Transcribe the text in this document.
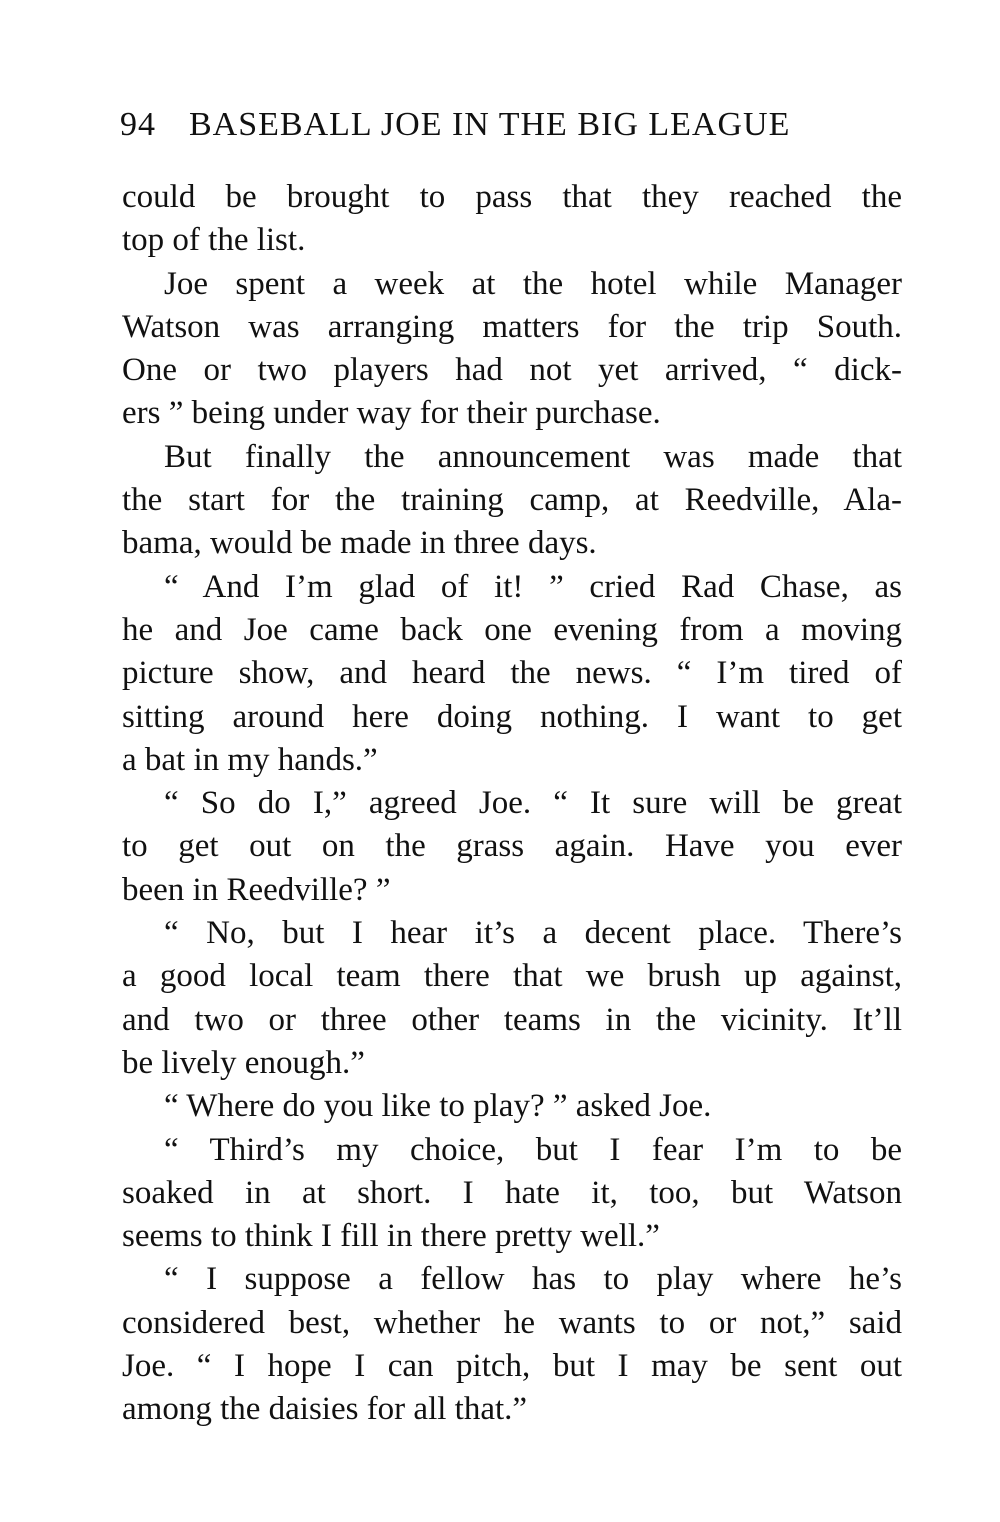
94 BASEBALL JOE IN THE BIG LEAGUE
could be brought to pass that they reached the
top of the list.
Joe spent a week at the hotel while Manager
Watson was arranging matters for the trip South.
One or two players had not yet arrived, “ dick-
ers ” being under way for their purchase.
But finally the announcement was made that
the start for the training camp, at Reedville, Ala-
bama, would be made in three days.
“ And I’m glad of it! ” cried Rad Chase, as
he and Joe came back one evening from a moving
picture show, and heard the news. “ I’m tired of
sitting around here doing nothing. I want to get
a bat in my hands.”
“ So do I,” agreed Joe. “ It sure will be great
to get out on the grass again. Have you ever
been in Reedville? ”
“ No, but I hear it’s a decent place. There’s
a good local team there that we brush up against,
and two or three other teams in the vicinity. It’ll
be lively enough.”
“ Where do you like to play? ” asked Joe.
“ Third’s my choice, but I fear I’m to be
soaked in at short. I hate it, too, but Watson
seems to think I fill in there pretty well.”
“ I suppose a fellow has to play where he’s
considered best, whether he wants to or not,” said
Joe. “ I hope I can pitch, but I may be sent out
among the daisies for all that.”
